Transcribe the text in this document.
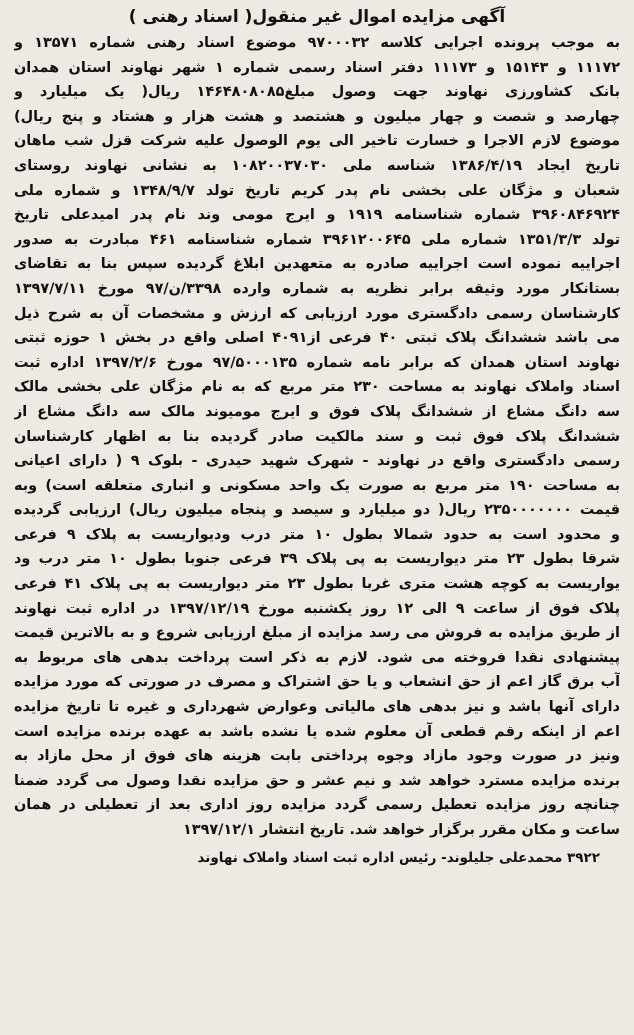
آگهی مزایده اموال غیر منقول( اسناد رهنی )
به موجب پرونده اجرایی کلاسه ۹۷۰۰۰۳۲ موضوع اسناد رهنی شماره ۱۳۵۷۱ و
۱۱۱۷۲ و ۱۵۱۴۳ و ۱۱۱۷۳ دفتر اسناد رسمی شماره ۱ شهر نهاوند استان همدان
بانک کشاورزی نهاوند جهت وصول مبلغ۱۴۶۴۸۰۸۰۸۵ ریال( یک میلیارد و
چهارصد و شصت و چهار میلیون و هشتصد و هشت هزار و هشتاد و پنج ریال)
موضوع لازم الاجرا و خسارت تاخیر الی یوم الوصول علیه شرکت قزل شب ماهان
تاریخ ایجاد ۱۳۸۶/۴/۱۹ شناسه ملی ۱۰۸۲۰۰۳۷۰۳۰ به نشانی نهاوند روستای
شعبان و مژگان علی بخشی نام پدر کریم تاریخ تولد ۱۳۴۸/۹/۷ و شماره ملی
۳۹۶۰۸۴۶۹۲۴ شماره شناسنامه ۱۹۱۹ و ایرج مومی وند نام پدر امیدعلی تاریخ
تولد ۱۳۵۱/۳/۳ شماره ملی ۳۹۶۱۲۰۰۶۴۵ شماره شناسنامه ۴۶۱ مبادرت به صدور
اجراییه نموده است اجراییه صادره به متعهدین ابلاغ گردیده سپس بنا به تقاضای
بستانکار مورد وثیقه برابر نظریه به شماره وارده ۳۳۹۸/ن/۹۷ مورخ ۱۳۹۷/۷/۱۱
کارشناسان رسمی دادگستری مورد ارزیابی که ارزش و مشخصات آن به شرح ذیل
می باشد ششدانگ پلاک ثبتی ۴۰ فرعی از۴۰۹۱ اصلی واقع در بخش ۱ حوزه ثبتی
نهاوند استان همدان که برابر نامه شماره ۹۷/۵۰۰۰۱۳۵ مورخ ۱۳۹۷/۲/۶ اداره ثبت
اسناد واملاک نهاوند به مساحت ۲۳۰ متر مربع که به نام مژگان علی بخشی مالک
سه دانگ مشاع از ششدانگ پلاک فوق و ایرج مومیوند مالک سه دانگ مشاع از
ششدانگ پلاک فوق ثبت و سند مالکیت صادر گردیده بنا به اظهار کارشناسان
رسمی دادگستری واقع در نهاوند - شهرک شهید حیدری - بلوک ۹ ( دارای اعیانی
به مساحت ۱۹۰ متر مربع به صورت یک واحد مسکونی و انباری متعلقه است) وبه
قیمت ۲۳۵۰۰۰۰۰۰۰ ریال( دو میلیارد و سیصد و پنجاه میلیون ریال) ارزیابی گردیده
و محدود است به حدود شمالا بطول ۱۰ متر درب ودیواریست به پلاک ۹ فرعی
شرقا بطول ۲۳ متر دیواریست به پی پلاک ۳۹ فرعی جنوبا بطول ۱۰ متر درب ود
یواریست به کوچه هشت متری غربا بطول ۲۳ متر دیواریست به پی پلاک ۴۱ فرعی
پلاک فوق از ساعت ۹ الی ۱۲ روز یکشنبه مورخ ۱۳۹۷/۱۲/۱۹ در اداره ثبت نهاوند
از طریق مزایده به فروش می رسد مزایده از مبلغ ارزیابی شروع و به بالاترین قیمت
پیشنهادی نقدا فروخته می شود. لازم به ذکر است پرداخت بدهی های مربوط به
آب برق گاز اعم از حق انشعاب و یا حق اشتراک و مصرف در صورتی که مورد مزایده
دارای آنها باشد و نیز بدهی های مالیاتی وعوارض شهرداری و غیره تا تاریخ مزایده
اعم از اینکه رقم قطعی آن معلوم شده یا نشده باشد به عهده برنده مزایده است
ونیز در صورت وجود مازاد وجوه پرداختی بابت هزینه های فوق از محل مازاد به
برنده مزایده مسترد خواهد شد و نیم عشر و حق مزایده نقدا وصول می گردد ضمنا
چنانچه روز مزایده تعطیل رسمی گردد مزایده روز اداری بعد از تعطیلی در همان
ساعت و مکان مقرر برگزار خواهد شد. تاریخ انتشار ۱۳۹۷/۱۲/۱
۳۹۲۲ محمدعلی جلیلوند- رئیس اداره ثبت اسناد واملاک نهاوند
